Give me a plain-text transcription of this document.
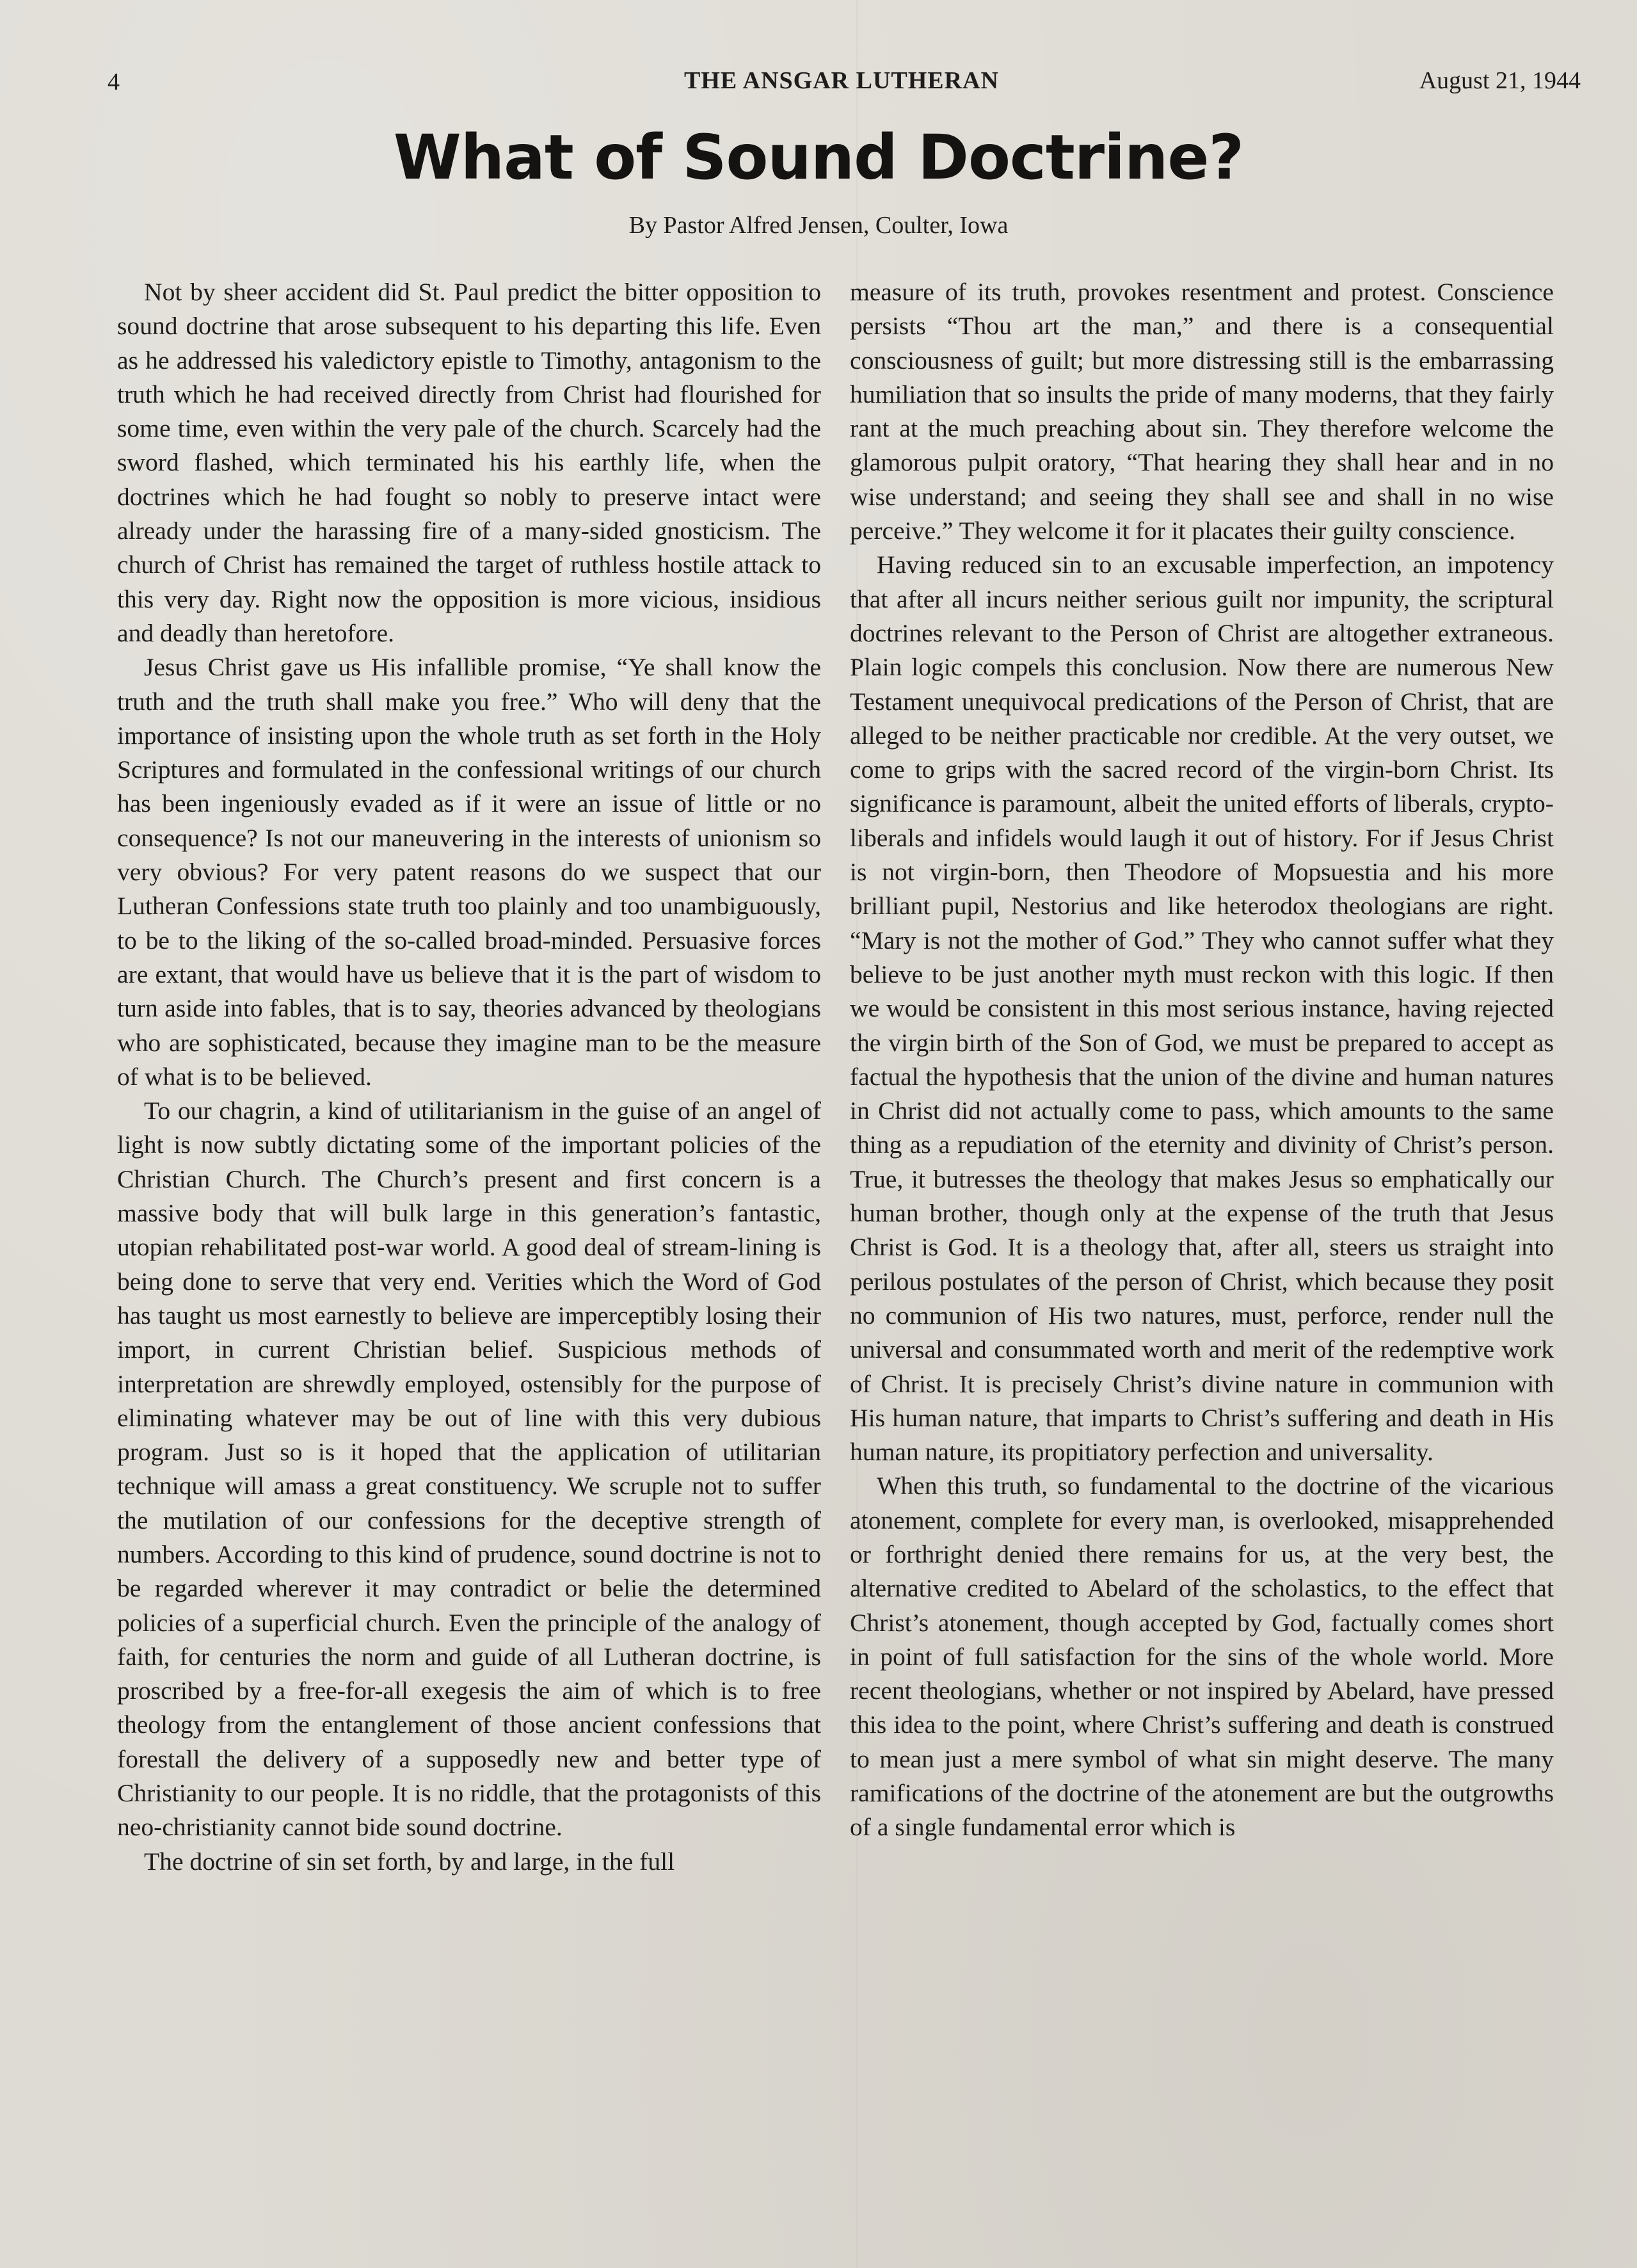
4	THE ANSGAR LUTHERAN	August 21, 1944
What of Sound Doctrine?
By Pastor Alfred Jensen, Coulter, Iowa

Not by sheer accident did St. Paul predict the bitter opposition to sound doctrine that arose subsequent to his departing this life. Even as he addressed his valedictory epistle to Timothy, antagonism to the truth which he had received directly from Christ had flourished for some time, even within the very pale of the church. Scarcely had the sword flashed, which terminated his his earthly life, when the doctrines which he had fought so nobly to preserve intact were already under the harassing fire of a many-sided gnosticism. The church of Christ has remained the target of ruthless hostile attack to this very day. Right now the opposition is more vicious, insidious and deadly than heretofore.

Jesus Christ gave us His infallible promise, “Ye shall know the truth and the truth shall make you free.” Who will deny that the importance of insisting upon the whole truth as set forth in the Holy Scriptures and formulated in the confessional writings of our church has been ingeniously evaded as if it were an issue of little or no consequence? Is not our maneuvering in the interests of unionism so very obvious? For very patent reasons do we suspect that our Lutheran Confessions state truth too plainly and too unambiguously, to be to the liking of the so-called broad-minded. Persuasive forces are extant, that would have us believe that it is the part of wisdom to turn aside into fables, that is to say, theories advanced by theologians who are sophisticated, because they imagine man to be the measure of what is to be believed.

To our chagrin, a kind of utilitarianism in the guise of an angel of light is now subtly dictating some of the important policies of the Christian Church. The Church’s present and first concern is a massive body that will bulk large in this generation’s fantastic, utopian rehabilitated post-war world. A good deal of stream-lining is being done to serve that very end. Verities which the Word of God has taught us most earnestly to believe are imperceptibly losing their import, in current Christian belief. Suspicious methods of interpretation are shrewdly employed, ostensibly for the purpose of eliminating whatever may be out of line with this very dubious program. Just so is it hoped that the application of utilitarian technique will amass a great constituency. We scruple not to suffer the mutilation of our confessions for the deceptive strength of numbers. According to this kind of prudence, sound doctrine is not to be regarded wherever it may contradict or belie the determined policies of a superficial church. Even the principle of the analogy of faith, for centuries the norm and guide of all Lutheran doctrine, is proscribed by a free-for-all exegesis the aim of which is to free theology from the entanglement of those ancient confessions that forestall the delivery of a supposedly new and better type of Christianity to our people. It is no riddle, that the protagonists of this neo-christianity cannot bide sound doctrine.

The doctrine of sin set forth, by and large, in the full

measure of its truth, provokes resentment and protest. Conscience persists “Thou art the man,” and there is a consequential consciousness of guilt; but more distressing still is the embarrassing humiliation that so insults the pride of many moderns, that they fairly rant at the much preaching about sin. They therefore welcome the glamorous pulpit oratory, “That hearing they shall hear and in no wise understand; and seeing they shall see and shall in no wise perceive.” They welcome it for it placates their guilty conscience.

Having reduced sin to an excusable imperfection, an impotency that after all incurs neither serious guilt nor impunity, the scriptural doctrines relevant to the Person of Christ are altogether extraneous. Plain logic compels this conclusion. Now there are numerous New Testament unequivocal predications of the Person of Christ, that are alleged to be neither practicable nor credible. At the very outset, we come to grips with the sacred record of the virgin-born Christ. Its significance is paramount, albeit the united efforts of liberals, crypto-liberals and infidels would laugh it out of history. For if Jesus Christ is not virgin-born, then Theodore of Mopsuestia and his more brilliant pupil, Nestorius and like heterodox theologians are right. “Mary is not the mother of God.” They who cannot suffer what they believe to be just another myth must reckon with this logic. If then we would be consistent in this most serious instance, having rejected the virgin birth of the Son of God, we must be prepared to accept as factual the hypothesis that the union of the divine and human natures in Christ did not actually come to pass, which amounts to the same thing as a repudiation of the eternity and divinity of Christ’s person. True, it butresses the theology that makes Jesus so emphatically our human brother, though only at the expense of the truth that Jesus Christ is God. It is a theology that, after all, steers us straight into perilous postulates of the person of Christ, which because they posit no communion of His two natures, must, perforce, render null the universal and consummated worth and merit of the redemptive work of Christ. It is precisely Christ’s divine nature in communion with His human nature, that imparts to Christ’s suffering and death in His human nature, its propitiatory perfection and universality.

When this truth, so fundamental to the doctrine of the vicarious atonement, complete for every man, is overlooked, misapprehended or forthright denied there remains for us, at the very best, the alternative credited to Abelard of the scholastics, to the effect that Christ’s atonement, though accepted by God, factually comes short in point of full satisfaction for the sins of the whole world. More recent theologians, whether or not inspired by Abelard, have pressed this idea to the point, where Christ’s suffering and death is construed to mean just a mere symbol of what sin might deserve. The many ramifications of the doctrine of the atonement are but the outgrowths of a single fundamental error which is
